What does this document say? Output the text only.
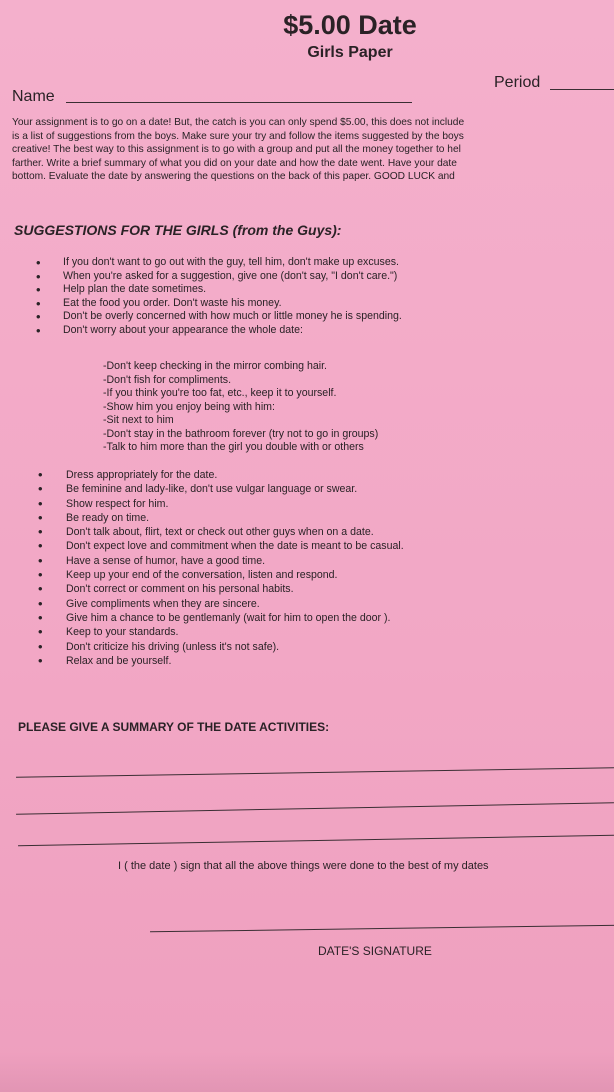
$5.00 Date
Girls Paper
Period
Name
Your assignment is to go on a date! But, the catch is you can only spend $5.00, this does not include
is a list of suggestions from the boys. Make sure your try and follow the items suggested by the boys
creative! The best way to this assignment is to go with a group and put all the money together to hel
farther. Write a brief summary of what you did on your date and how the date went. Have your date
bottom. Evaluate the date by answering the questions on the back of this paper. GOOD LUCK and
SUGGESTIONS FOR THE GIRLS (from the Guys):
• If you don't want to go out with the guy, tell him, don't make up excuses.
• When you're asked for a suggestion, give one (don't say, "I don't care.")
• Help plan the date sometimes.
• Eat the food you order. Don't waste his money.
• Don't be overly concerned with how much or little money he is spending.
• Don't worry about your appearance the whole date:
-Don't keep checking in the mirror combing hair.
-Don't fish for compliments.
-If you think you're too fat, etc., keep it to yourself.
-Show him you enjoy being with him:
-Sit next to him
-Don't stay in the bathroom forever (try not to go in groups)
-Talk to him more than the girl you double with or others
• Dress appropriately for the date.
• Be feminine and lady-like, don't use vulgar language or swear.
• Show respect for him.
• Be ready on time.
• Don't talk about, flirt, text or check out other guys when on a date.
• Don't expect love and commitment when the date is meant to be casual.
• Have a sense of humor, have a good time.
• Keep up your end of the conversation, listen and respond.
• Don't correct or comment on his personal habits.
• Give compliments when they are sincere.
• Give him a chance to be gentlemanly (wait for him to open the door ).
• Keep to your standards.
• Don't criticize his driving (unless it's not safe).
• Relax and be yourself.
PLEASE GIVE A SUMMARY OF THE DATE ACTIVITIES:
I ( the date ) sign that all the above things were done to the best of my dates
DATE'S SIGNATURE
